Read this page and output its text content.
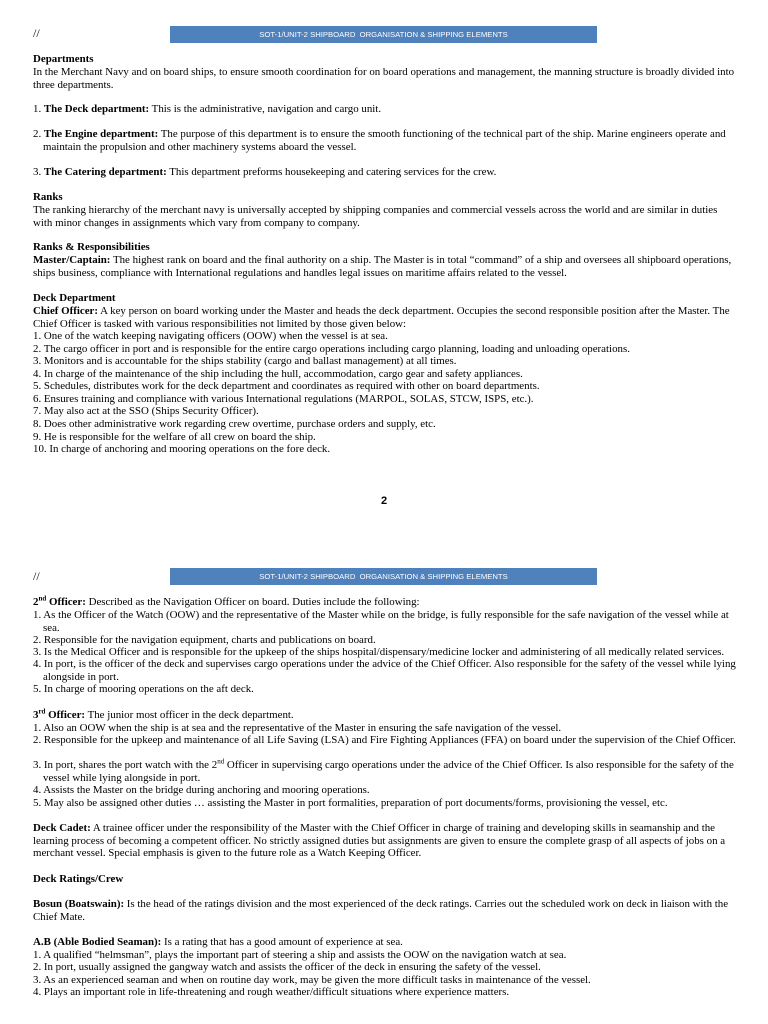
//	SOT-1/UNIT-2 SHIPBOARD  ORGANISATION & SHIPPING ELEMENTS
Departments
In the Merchant Navy and on board ships, to ensure smooth coordination for on board operations and management, the manning structure is broadly divided into three departments.
1. The Deck department: This is the administrative, navigation and cargo unit.
2. The Engine department: The purpose of this department is to ensure the smooth functioning of the technical part of the ship. Marine engineers operate and maintain the propulsion and other machinery systems aboard the vessel.
3. The Catering department: This department preforms housekeeping and catering services for the crew.
Ranks
The ranking hierarchy of the merchant navy is universally accepted by shipping companies and commercial vessels across the world and are similar in duties with minor changes in assignments which vary from company to company.
Ranks & Responsibilities
Master/Captain: The highest rank on board and the final authority on a ship. The Master is in total “command” of a ship and oversees all shipboard operations, ships business, compliance with International regulations and handles legal issues on maritime affairs related to the vessel.
Deck Department
Chief Officer: A key person on board working under the Master and heads the deck department. Occupies the second responsible position after the Master. The Chief Officer is tasked with various responsibilities not limited by those given below:
1. One of the watch keeping navigating officers (OOW) when the vessel is at sea.
2. The cargo officer in port and is responsible for the entire cargo operations including cargo planning, loading and unloading operations.
3. Monitors and is accountable for the ships stability (cargo and ballast management) at all times.
4. In charge of the maintenance of the ship including the hull, accommodation, cargo gear and safety appliances.
5. Schedules, distributes work for the deck department and coordinates as required with other on board departments.
6. Ensures training and compliance with various International regulations (MARPOL, SOLAS, STCW, ISPS, etc.).
7. May also act at the SSO (Ships Security Officer).
8. Does other administrative work regarding crew overtime, purchase orders and supply, etc.
9. He is responsible for the welfare of all crew on board the ship.
10. In charge of anchoring and mooring operations on the fore deck.
2
//	SOT-1/UNIT-2 SHIPBOARD  ORGANISATION & SHIPPING ELEMENTS
2nd Officer: Described as the Navigation Officer on board. Duties include the following:
1. As the Officer of the Watch (OOW) and the representative of the Master while on the bridge, is fully responsible for the safe navigation of the vessel while at sea.
2. Responsible for the navigation equipment, charts and publications on board.
3. Is the Medical Officer and is responsible for the upkeep of the ships hospital/dispensary/medicine locker and administering of all medically related services.
4. In port, is the officer of the deck and supervises cargo operations under the advice of the Chief Officer. Also responsible for the safety of the vessel while lying alongside in port.
5. In charge of mooring operations on the aft deck.
3rd Officer: The junior most officer in the deck department.
1. Also an OOW when the ship is at sea and the representative of the Master in ensuring the safe navigation of the vessel.
2. Responsible for the upkeep and maintenance of all Life Saving (LSA) and Fire Fighting Appliances (FFA) on board under the supervision of the Chief Officer.
3. In port, shares the port watch with the 2nd Officer in supervising cargo operations under the advice of the Chief Officer. Is also responsible for the safety of the vessel while lying alongside in port.
4. Assists the Master on the bridge during anchoring and mooring operations.
5. May also be assigned other duties … assisting the Master in port formalities, preparation of port documents/forms, provisioning the vessel, etc.
Deck Cadet: A trainee officer under the responsibility of the Master with the Chief Officer in charge of training and developing skills in seamanship and the learning process of becoming a competent officer. No strictly assigned duties but assignments are given to ensure the complete grasp of all aspects of jobs on a merchant vessel. Special emphasis is given to the future role as a Watch Keeping Officer.
Deck Ratings/Crew
Bosun (Boatswain): Is the head of the ratings division and the most experienced of the deck ratings. Carries out the scheduled work on deck in liaison with the Chief Mate.
A.B (Able Bodied Seaman): Is a rating that has a good amount of experience at sea.
1. A qualified “helmsman”, plays the important part of steering a ship and assists the OOW on the navigation watch at sea.
2. In port, usually assigned the gangway watch and assists the officer of the deck in ensuring the safety of the vessel.
3. As an experienced seaman and when on routine day work, may be given the more difficult tasks in maintenance of the vessel.
4. Plays an important role in life-threatening and rough weather/difficult situations where experience matters.
